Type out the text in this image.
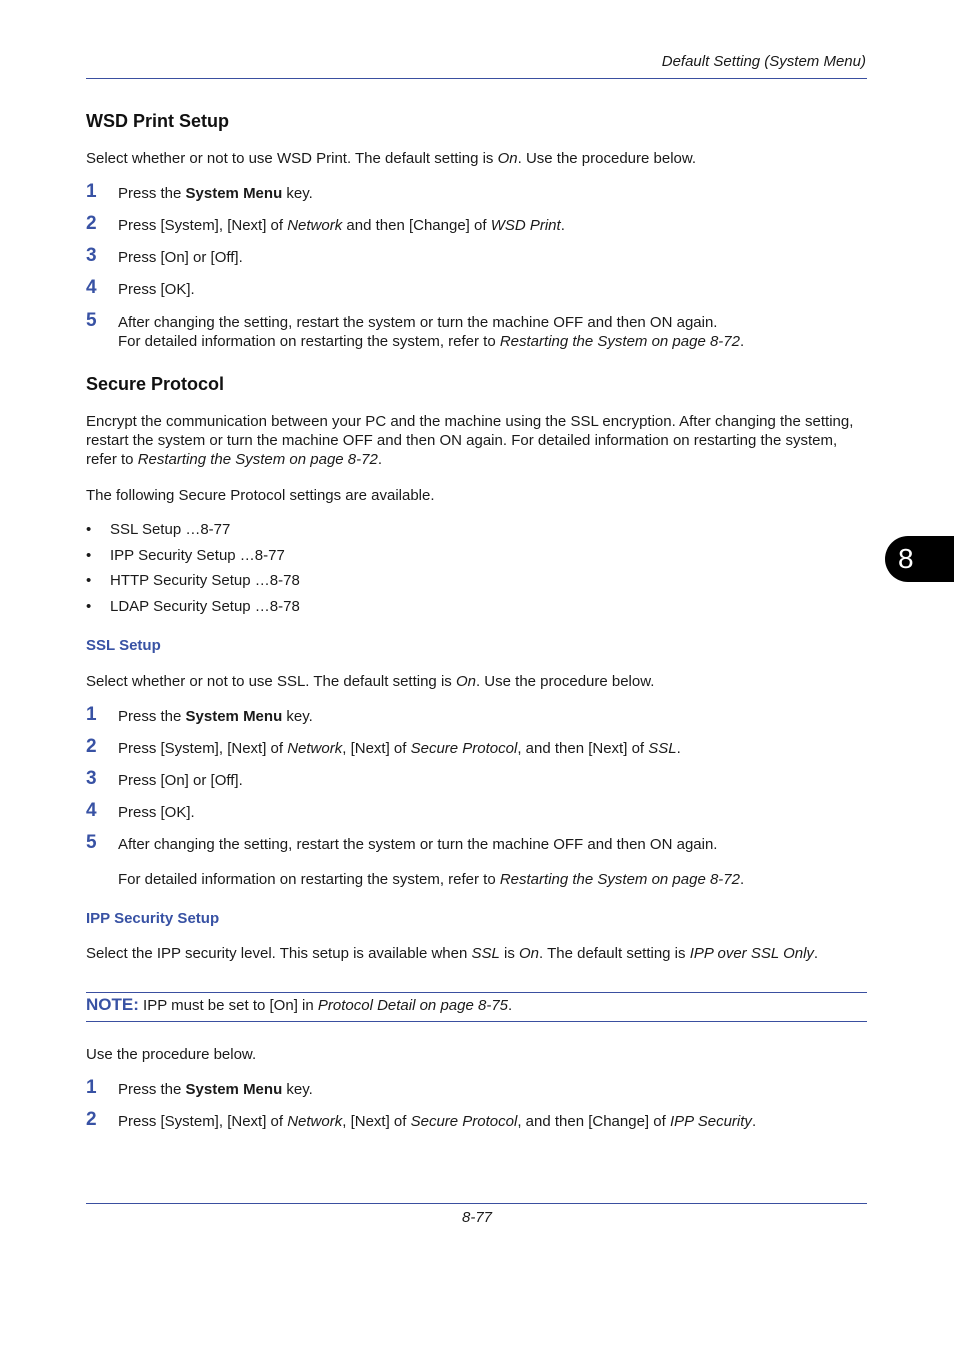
Default Setting (System Menu)
8
WSD Print Setup

Select whether or not to use WSD Print. The default setting is On. Use the procedure below.

1 Press the System Menu key.
2 Press [System], [Next] of Network and then [Change] of WSD Print.
3 Press [On] or [Off].
4 Press [OK].
5 After changing the setting, restart the system or turn the machine OFF and then ON again.
For detailed information on restarting the system, refer to Restarting the System on page 8-72.
Secure Protocol

Encrypt the communication between your PC and the machine using the SSL encryption. After changing the setting, restart the system or turn the machine OFF and then ON again. For detailed information on restarting the system, refer to Restarting the System on page 8-72.

The following Secure Protocol settings are available.

• SSL Setup …8-77
• IPP Security Setup …8-77
• HTTP Security Setup …8-78
• LDAP Security Setup …8-78
SSL Setup

Select whether or not to use SSL. The default setting is On. Use the procedure below.

1 Press the System Menu key.
2 Press [System], [Next] of Network, [Next] of Secure Protocol, and then [Next] of SSL.
3 Press [On] or [Off].
4 Press [OK].
5 After changing the setting, restart the system or turn the machine OFF and then ON again.

For detailed information on restarting the system, refer to Restarting the System on page 8-72.

IPP Security Setup

Select the IPP security level. This setup is available when SSL is On. The default setting is IPP over SSL Only.

NOTE: IPP must be set to [On] in Protocol Detail on page 8-75.

Use the procedure below.

1 Press the System Menu key.
2 Press [System], [Next] of Network, [Next] of Secure Protocol, and then [Change] of IPP Security.
8-77
